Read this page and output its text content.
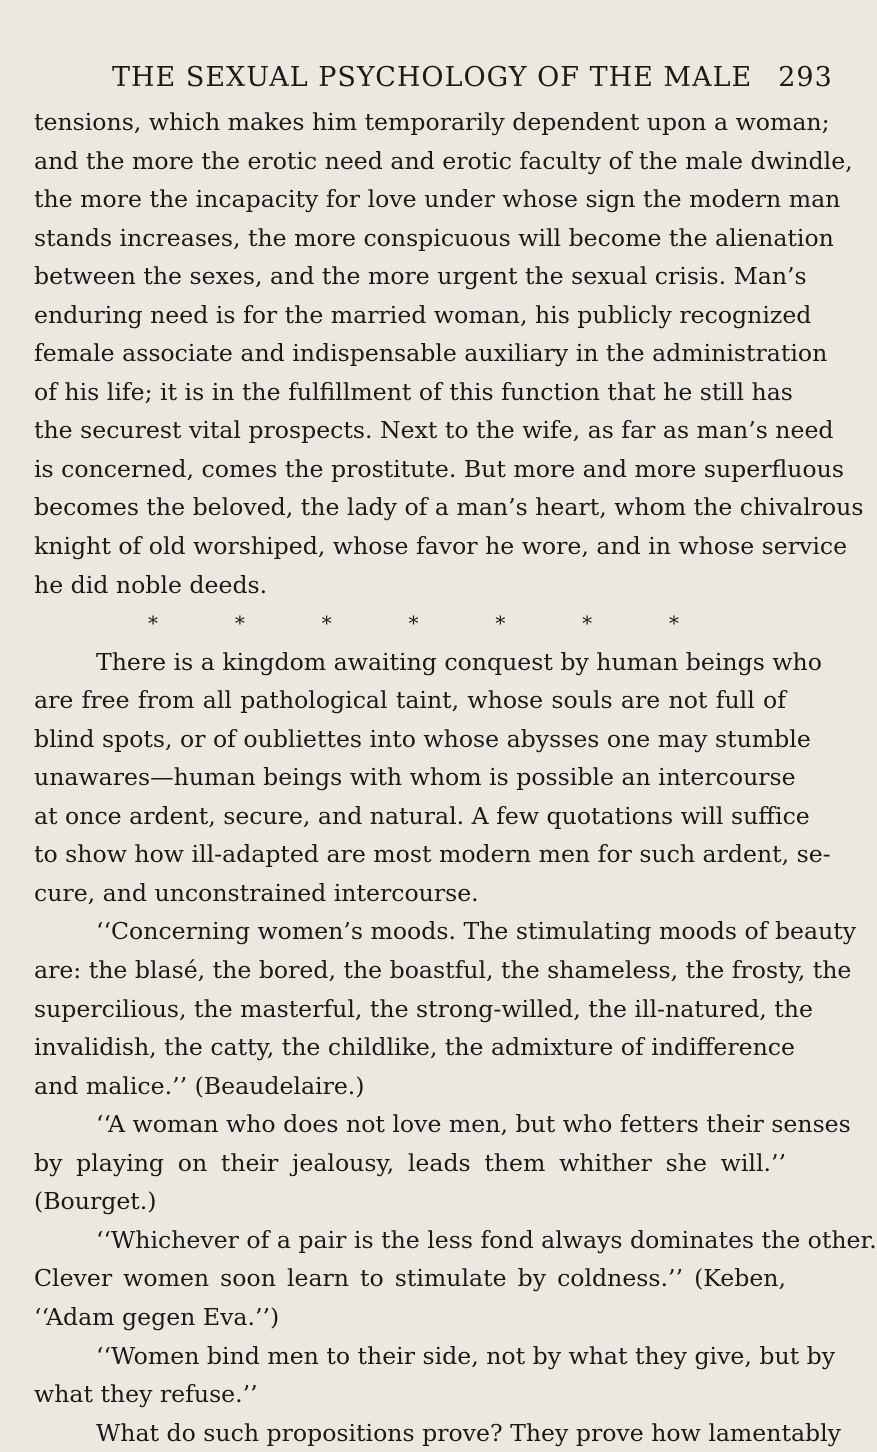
THE SEXUAL PSYCHOLOGY OF THE MALE 293
tensions, which makes him temporarily dependent upon a woman;
and the more the erotic need and erotic faculty of the male dwindle,
the more the incapacity for love under whose sign the modern man
stands increases, the more conspicuous will become the alienation
between the sexes, and the more urgent the sexual crisis. Man’s
enduring need is for the married woman, his publicly recognized
female associate and indispensable auxiliary in the administration
of his life; it is in the fulfillment of this function that he still has
the securest vital prospects. Next to the wife, as far as man’s need
is concerned, comes the prostitute. But more and more superfluous
becomes the beloved, the lady of a man’s heart, whom the chivalrous
knight of old worshiped, whose favor he wore, and in whose service
he did noble deeds.
*	*	*	*	*	*	*
There is a kingdom awaiting conquest by human beings who
are free from all pathological taint, whose souls are not full of
blind spots, or of oubliettes into whose abysses one may stumble
unawares—human beings with whom is possible an intercourse
at once ardent, secure, and natural. A few quotations will suffice
to show how ill-adapted are most modern men for such ardent, se-
cure, and unconstrained intercourse.
‘‘Concerning women’s moods. The stimulating moods of beauty
are: the blasé, the bored, the boastful, the shameless, the frosty, the
supercilious, the masterful, the strong-willed, the ill-natured, the
invalidish, the catty, the childlike, the admixture of indifference
and malice.’’ (Beaudelaire.)
‘‘A woman who does not love men, but who fetters their senses
by playing on their jealousy, leads them whither she will.’’
(Bourget.)
‘‘Whichever of a pair is the less fond always dominates the other.
Clever women soon learn to stimulate by coldness.’’ (Keben,
‘‘Adam gegen Eva.’’)
‘‘Women bind men to their side, not by what they give, but by
what they refuse.’’
What do such propositions prove? They prove how lamentably
